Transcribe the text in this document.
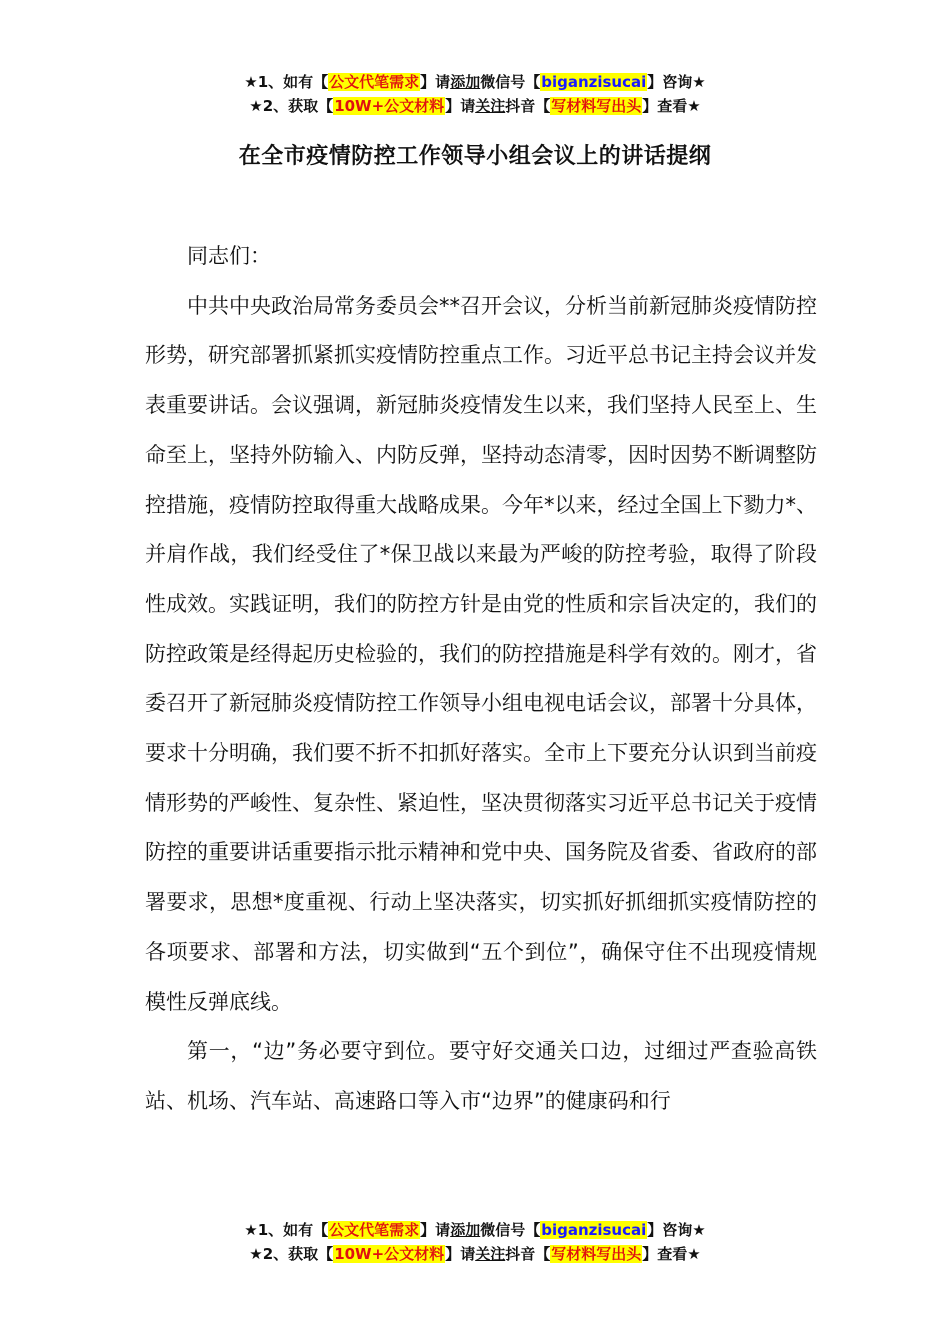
★1、如有【公文代笔需求】请添加微信号【biganzisucai】咨询★
★2、获取【10W+公文材料】请关注抖音【写材料写出头】查看★
在全市疫情防控工作领导小组会议上的讲话提纲

同志们：

中共中央政治局常务委员会**召开会议，分析当前新冠肺炎疫情防控形势，研究部署抓紧抓实疫情防控重点工作。习近平总书记主持会议并发表重要讲话。会议强调，新冠肺炎疫情发生以来，我们坚持人民至上、生命至上，坚持外防输入、内防反弹，坚持动态清零，因时因势不断调整防控措施，疫情防控取得重大战略成果。今年*以来，经过全国上下勠力*、并肩作战，我们经受住了*保卫战以来最为严峻的防控考验，取得了阶段性成效。实践证明，我们的防控方针是由党的性质和宗旨决定的，我们的防控政策是经得起历史检验的，我们的防控措施是科学有效的。刚才，省委召开了新冠肺炎疫情防控工作领导小组电视电话会议，部署十分具体，要求十分明确，我们要不折不扣抓好落实。全市上下要充分认识到当前疫情形势的严峻性、复杂性、紧迫性，坚决贯彻落实习近平总书记关于疫情防控的重要讲话重要指示批示精神和党中央、国务院及省委、省政府的部署要求，思想*度重视、行动上坚决落实，切实抓好抓细抓实疫情防控的各项要求、部署和方法，切实做到“五个到位”，确保守住不出现疫情规模性反弹底线。

第一，“边”务必要守到位。要守好交通关口边，过细过严查验高铁站、机场、汽车站、高速路口等入市“边界”的健康码和行

★1、如有【公文代笔需求】请添加微信号【biganzisucai】咨询★
★2、获取【10W+公文材料】请关注抖音【写材料写出头】查看★
